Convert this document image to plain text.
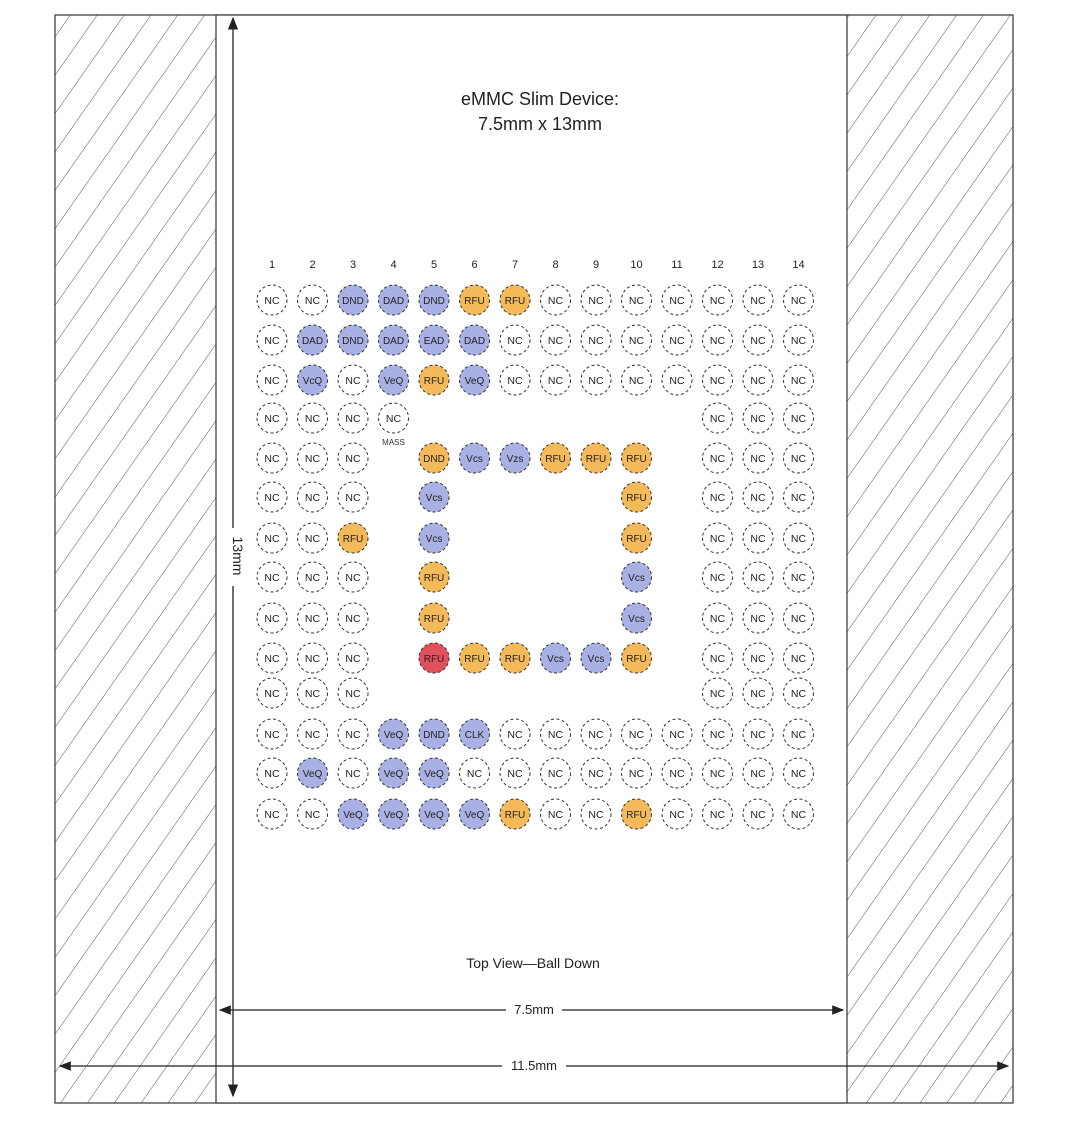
eMMC Slim Device:
7.5mm x 13mm
1	2	3	4	5	6	7	8	9	10	11	12	13	14
NC NC DND DAD DND RFU RFU NC NC NC NC NC NC NC
NC DAD DND DAD EAD DAD NC NC NC NC NC NC NC NC
NC VcQ NC VeQ RFU VeQ NC NC NC NC NC NC NC NC
NC NC NC NC	NC NC NC
NC NC NC	DND Vcs Vzs RFU RFU RFU	NC NC NC
NC NC NC	Vcs	RFU	NC NC NC
NC NC RFU	Vcs	RFU	NC NC NC
NC NC NC	RFU	Vcs	NC NC NC
NC NC NC	RFU	Vcs	NC NC NC
NC NC NC	RFU RFU RFU Vcs Vcs RFU	NC NC NC
NC NC NC	NC NC NC
NC NC NC VeQ DND CLK NC NC NC NC NC NC NC NC
NC VeQ NC VeQ VeQ NC NC NC NC NC NC NC NC NC
NC NC VeQ VeQ VeQ VeQ RFU NC NC RFU NC NC NC NC
MASS
Top View—Ball Down
13mm
7.5mm
11.5mm
